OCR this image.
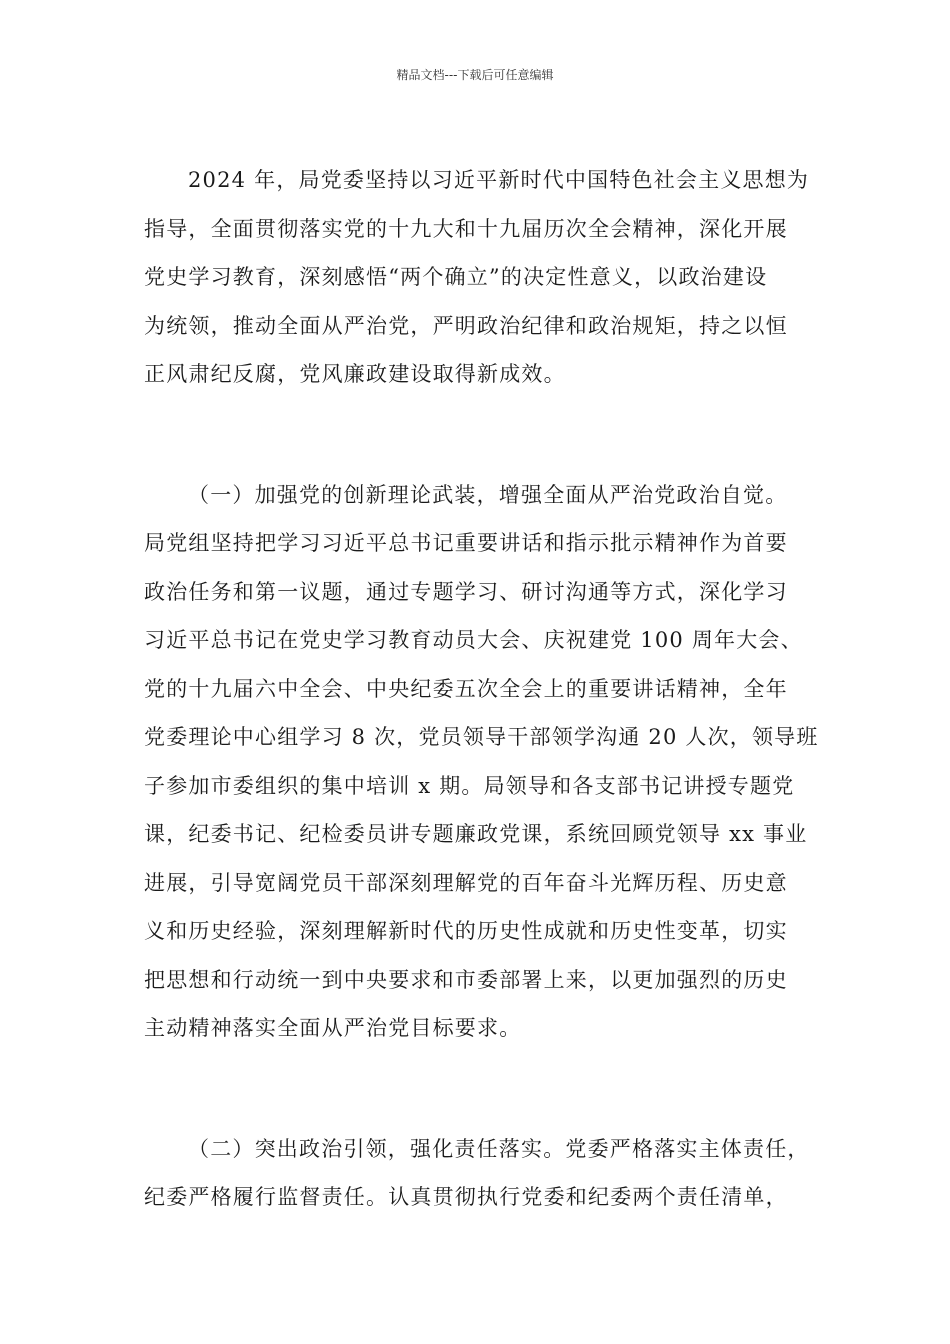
精品文档---下载后可任意编辑

2024 年，局党委坚持以习近平新时代中国特色社会主义思想为
指导，全面贯彻落实党的十九大和十九届历次全会精神，深化开展
党史学习教育，深刻感悟“两个确立”的决定性意义，以政治建设
为统领，推动全面从严治党，严明政治纪律和政治规矩，持之以恒
正风肃纪反腐，党风廉政建设取得新成效。

（一）加强党的创新理论武装，增强全面从严治党政治自觉。
局党组坚持把学习习近平总书记重要讲话和指示批示精神作为首要
政治任务和第一议题，通过专题学习、研讨沟通等方式，深化学习
习近平总书记在党史学习教育动员大会、庆祝建党 100 周年大会、
党的十九届六中全会、中央纪委五次全会上的重要讲话精神，全年
党委理论中心组学习 8 次，党员领导干部领学沟通 20 人次，领导班
子参加市委组织的集中培训 x 期。局领导和各支部书记讲授专题党
课，纪委书记、纪检委员讲专题廉政党课，系统回顾党领导 xx 事业
进展，引导宽阔党员干部深刻理解党的百年奋斗光辉历程、历史意
义和历史经验，深刻理解新时代的历史性成就和历史性变革，切实
把思想和行动统一到中央要求和市委部署上来，以更加强烈的历史
主动精神落实全面从严治党目标要求。

（二）突出政治引领，强化责任落实。党委严格落实主体责任，
纪委严格履行监督责任。认真贯彻执行党委和纪委两个责任清单，
